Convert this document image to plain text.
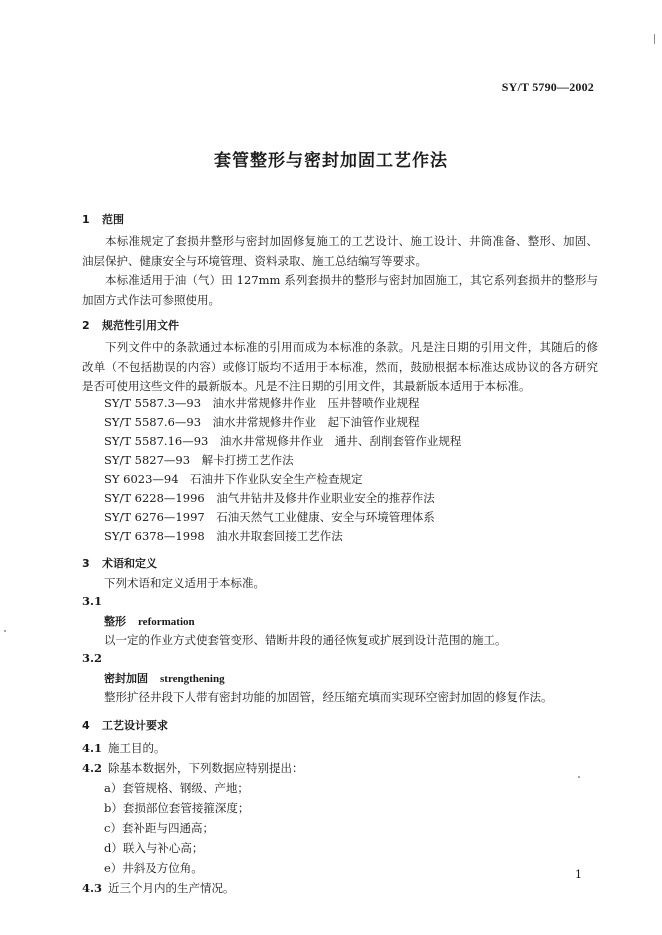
SY/T 5790—2002
套管整形与密封加固工艺作法
1 范围
本标准规定了套损井整形与密封加固修复施工的工艺设计、施工设计、井筒准备、整形、加固、油层保护、健康安全与环境管理、资料录取、施工总结编写等要求。
本标准适用于油（气）田 127mm 系列套损井的整形与密封加固施工，其它系列套损井的整形与加固方式作法可参照使用。
2 规范性引用文件
下列文件中的条款通过本标准的引用而成为本标准的条款。凡是注日期的引用文件，其随后的修改单（不包括勘误的内容）或修订版均不适用于本标准，然而，鼓励根据本标准达成协议的各方研究是否可使用这些文件的最新版本。凡是不注日期的引用文件，其最新版本适用于本标准。
SY/T 5587.3—93　油水井常规修井作业　压井替喷作业规程
SY/T 5587.6—93　油水井常规修井作业　起下油管作业规程
SY/T 5587.16—93　油水井常规修井作业　通井、刮削套管作业规程
SY/T 5827—93　解卡打捞工艺作法
SY 6023—94　石油井下作业队安全生产检查规定
SY/T 6228—1996　油气井钻井及修井作业职业安全的推荐作法
SY/T 6276—1997　石油天然气工业健康、安全与环境管理体系
SY/T 6378—1998　油水井取套回接工艺作法
3 术语和定义
下列术语和定义适用于本标准。
3.1
整形 reformation
以一定的作业方式使套管变形、错断井段的通径恢复或扩展到设计范围的施工。
3.2
密封加固 strengthening
整形扩径井段下人带有密封功能的加固管，经压缩充填而实现环空密封加固的修复作法。
4 工艺设计要求
4.1 施工目的。
4.2 除基本数据外，下列数据应特别提出：
a）套管规格、钢级、产地；
b）套损部位套管接箍深度；
c）套补距与四通高；
d）联入与补心高；
e）井斜及方位角。
4.3 近三个月内的生产情况。
1
